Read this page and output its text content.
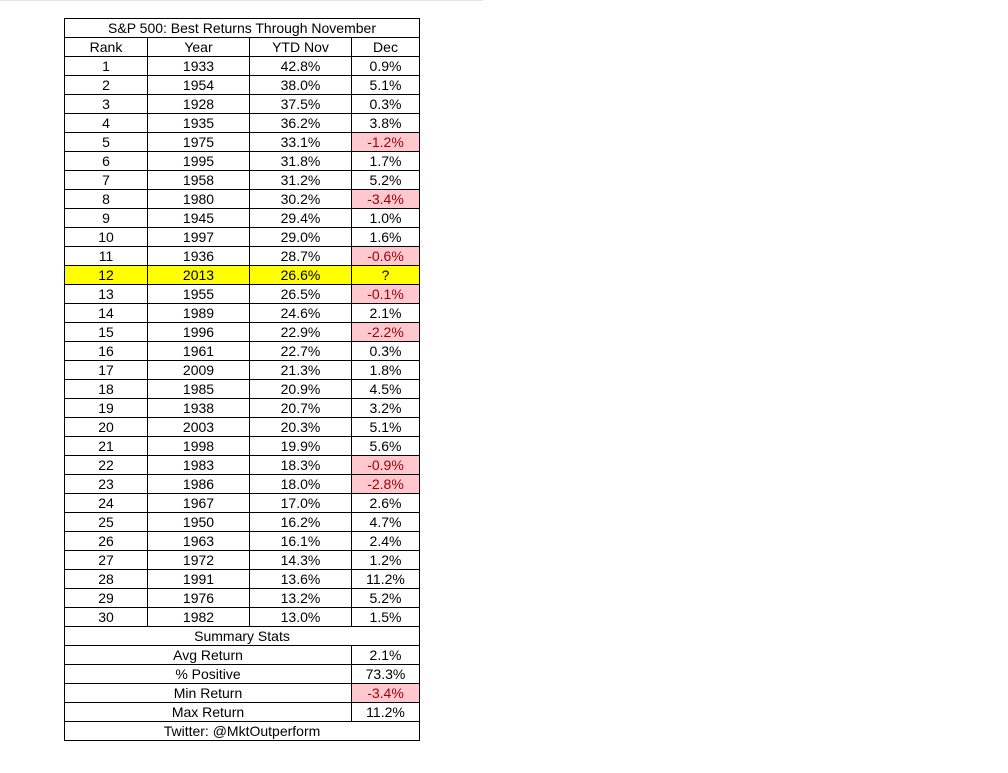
S&P 500: Best Returns Through November			
Rank	Year	YTD Nov	Dec
1	1933	42.8%	0.9%
2	1954	38.0%	5.1%
3	1928	37.5%	0.3%
4	1935	36.2%	3.8%
5	1975	33.1%	-1.2%
6	1995	31.8%	1.7%
7	1958	31.2%	5.2%
8	1980	30.2%	-3.4%
9	1945	29.4%	1.0%
10	1997	29.0%	1.6%
11	1936	28.7%	-0.6%
12	2013	26.6%	?
13	1955	26.5%	-0.1%
14	1989	24.6%	2.1%
15	1996	22.9%	-2.2%
16	1961	22.7%	0.3%
17	2009	21.3%	1.8%
18	1985	20.9%	4.5%
19	1938	20.7%	3.2%
20	2003	20.3%	5.1%
21	1998	19.9%	5.6%
22	1983	18.3%	-0.9%
23	1986	18.0%	-2.8%
24	1967	17.0%	2.6%
25	1950	16.2%	4.7%
26	1963	16.1%	2.4%
27	1972	14.3%	1.2%
28	1991	13.6%	11.2%
29	1976	13.2%	5.2%
30	1982	13.0%	1.5%
Summary Stats			
Avg Return			2.1%
% Positive			73.3%
Min Return			-3.4%
Max Return			11.2%
Twitter: @MktOutperform			
